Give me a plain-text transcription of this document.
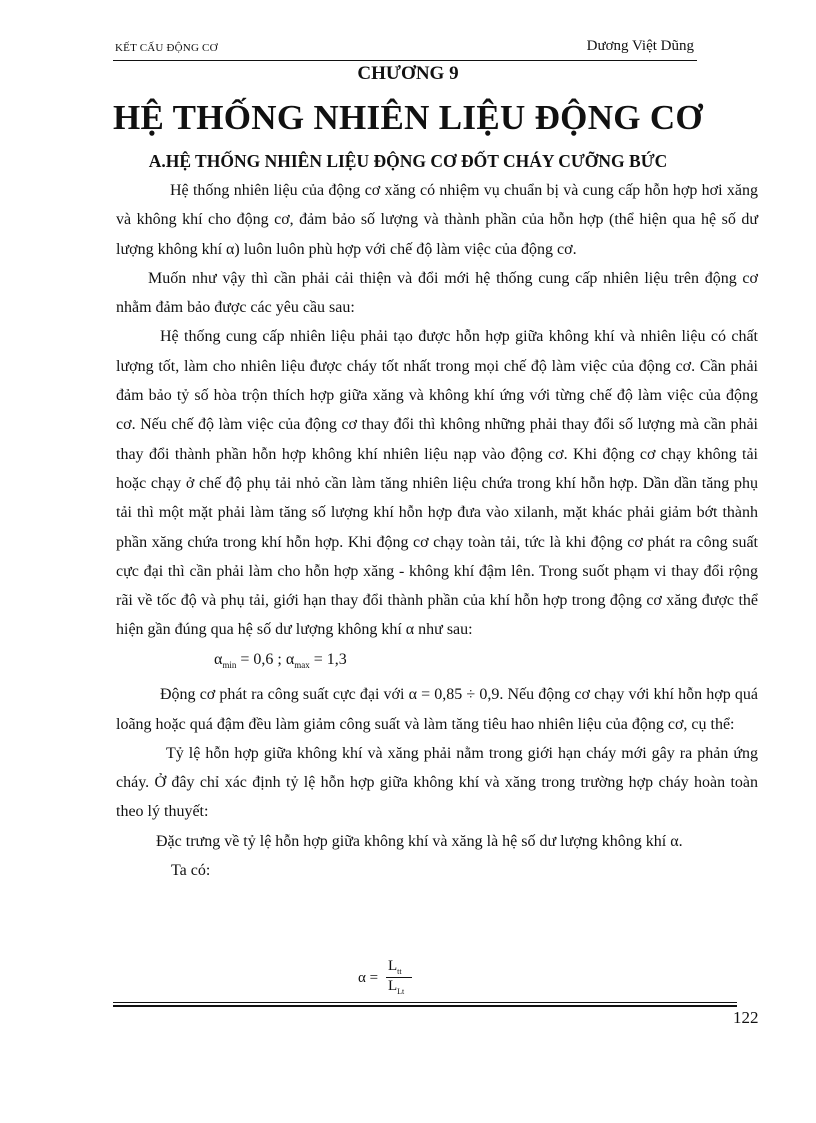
KẾT CẤU ĐỘNG CƠ	Dương Việt Dũng
CHƯƠNG 9
HỆ THỐNG NHIÊN LIỆU ĐỘNG CƠ
A.HỆ THỐNG NHIÊN LIỆU ĐỘNG CƠ ĐỐT CHÁY CƯỠNG BỨC

Hệ thống nhiên liệu của động cơ xăng có nhiệm vụ chuẩn bị và cung cấp hỗn hợp hơi xăng và không khí cho động cơ, đảm bảo số lượng và thành phần của hỗn hợp (thể hiện qua hệ số dư lượng không khí α) luôn luôn phù hợp với chế độ làm việc của động cơ.

Muốn như vậy thì cần phải cải thiện và đổi mới hệ thống cung cấp nhiên liệu trên động cơ nhằm đảm bảo được các yêu cầu sau:

Hệ thống cung cấp nhiên liệu phải tạo được hỗn hợp giữa không khí và nhiên liệu có chất lượng tốt, làm cho nhiên liệu được cháy tốt nhất trong mọi chế độ làm việc của động cơ. Cần phải đảm bảo tỷ số hòa trộn thích hợp giữa xăng và không khí ứng với từng chế độ làm việc của động cơ. Nếu chế độ làm việc của động cơ thay đổi thì không những phải thay đổi số lượng mà cần phải thay đổi thành phần hỗn hợp không khí nhiên liệu nạp vào động cơ. Khi động cơ chạy không tải hoặc chạy ở chế độ phụ tải nhỏ cần làm tăng nhiên liệu chứa trong khí hỗn hợp. Dần dần tăng phụ tải thì một mặt phải làm tăng số lượng khí hỗn hợp đưa vào xilanh, mặt khác phải giảm bớt thành phần xăng chứa trong khí hỗn hợp. Khi động cơ chạy toàn tải, tức là khi động cơ phát ra công suất cực đại thì cần phải làm cho hỗn hợp xăng - không khí đậm lên. Trong suốt phạm vi thay đổi rộng rãi về tốc độ và phụ tải, giới hạn thay đổi thành phần của khí hỗn hợp trong động cơ xăng được thể hiện gần đúng qua hệ số dư lượng không khí α như sau:

$\alpha_{min} = 0,6$ ; $\alpha_{max} = 1,3$

Động cơ phát ra công suất cực đại với α = 0,85 ÷ 0,9. Nếu động cơ chạy với khí hỗn hợp quá loãng hoặc quá đậm đều làm giảm công suất và làm tăng tiêu hao nhiên liệu của động cơ, cụ thể:

Tỷ lệ hỗn hợp giữa không khí và xăng phải nằm trong giới hạn cháy mới gây ra phản ứng cháy. Ở đây chỉ xác định tỷ lệ hỗn hợp giữa không khí và xăng trong trường hợp cháy hoàn toàn theo lý thuyết:

Đặc trưng về tỷ lệ hỗn hợp giữa không khí và xăng là hệ số dư lượng không khí α.

Ta có:

α =
$L_{tt}$
$L_{Lt}$
122
